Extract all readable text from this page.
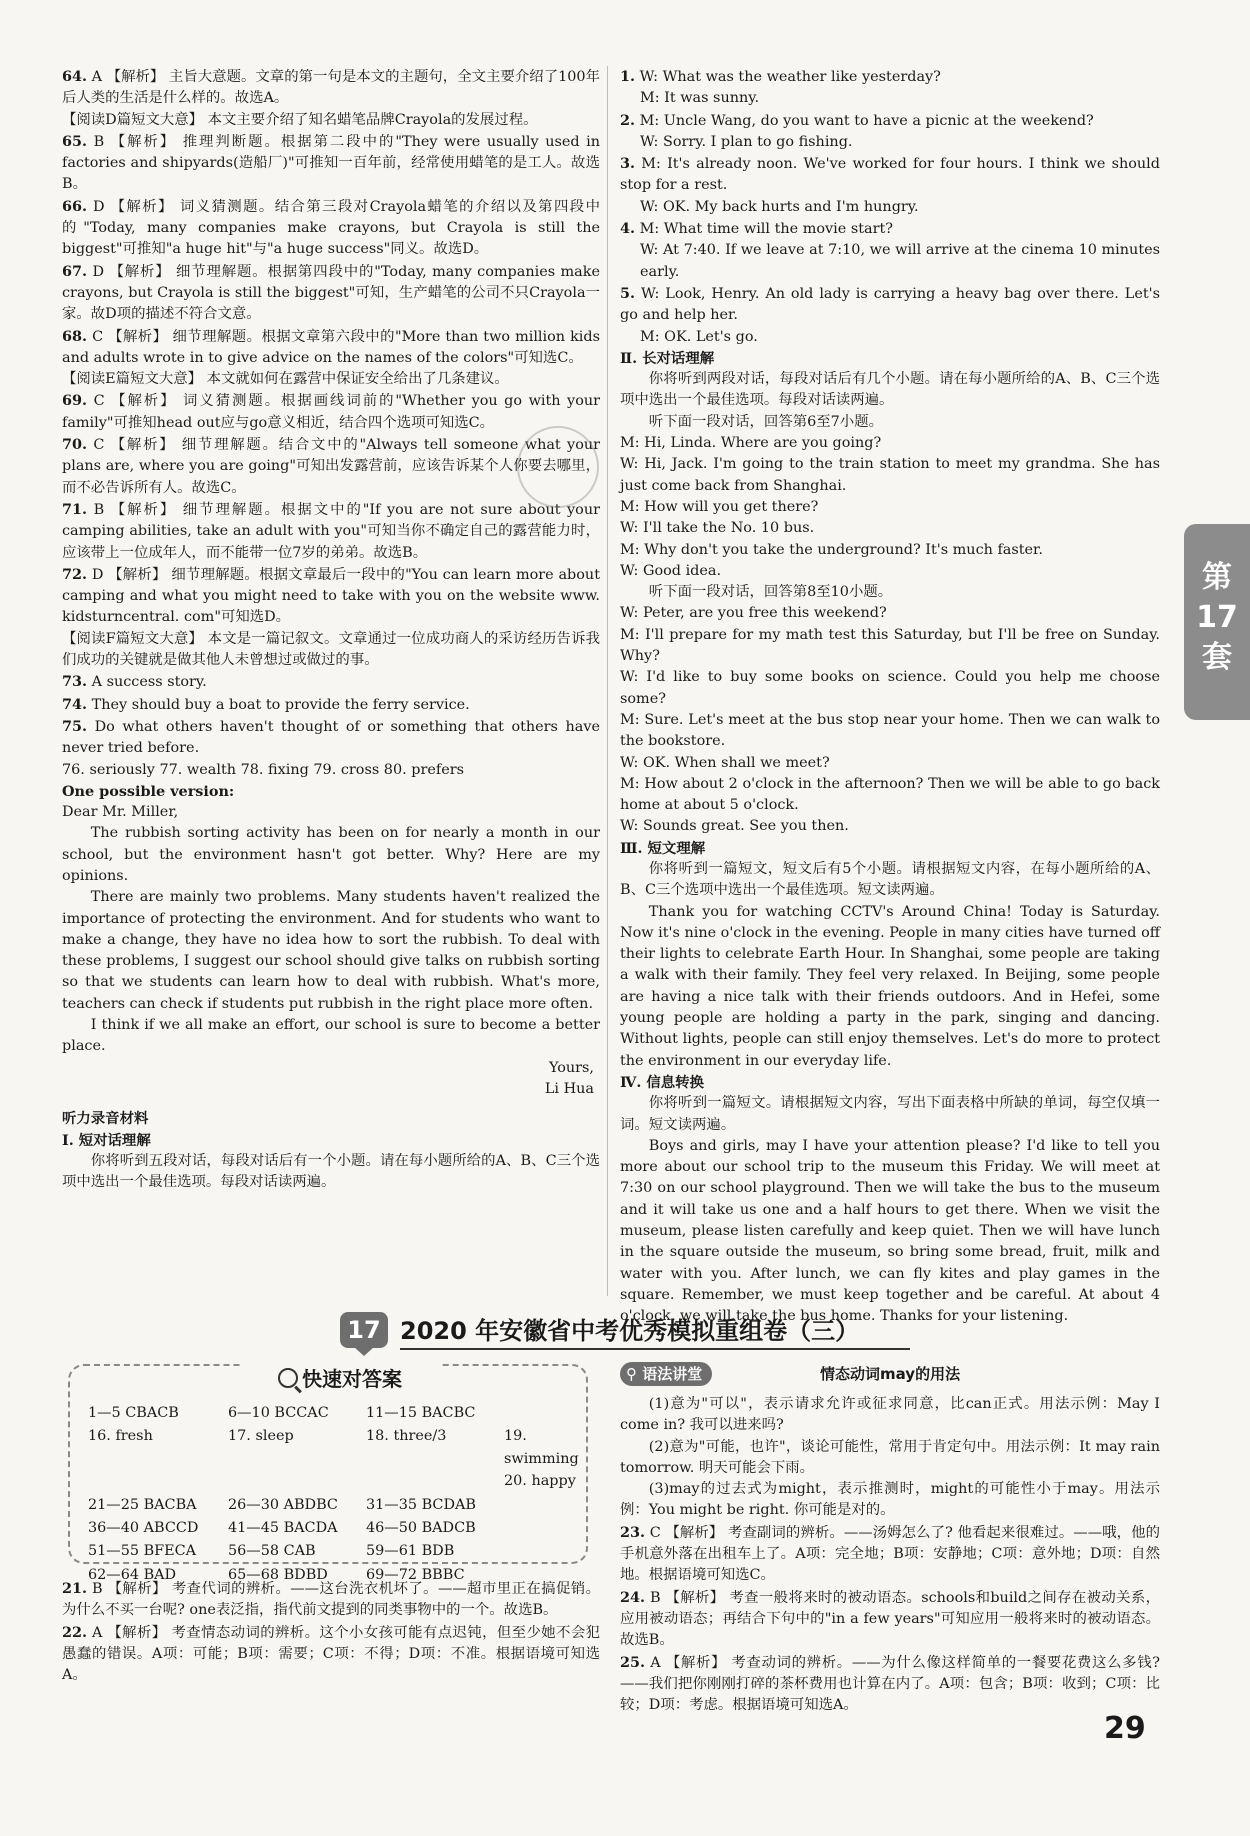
64. A 【解析】 主旨大意题。文章的第一句是本文的主题句，全文主要介绍了100年后人类的生活是什么样的。故选A。

【阅读D篇短文大意】 本文主要介绍了知名蜡笔品牌Crayola的发展过程。

65. B 【解析】 推理判断题。根据第二段中的"They were usually used in factories and shipyards(造船厂)"可推知一百年前，经常使用蜡笔的是工人。故选B。

66. D 【解析】 词义猜测题。结合第三段对Crayola蜡笔的介绍以及第四段中的"Today, many companies make crayons, but Crayola is still the biggest"可推知"a huge hit"与"a huge success"同义。故选D。

67. D 【解析】 细节理解题。根据第四段中的"Today, many companies make crayons, but Crayola is still the biggest"可知，生产蜡笔的公司不只Crayola一家。故D项的描述不符合文意。

68. C 【解析】 细节理解题。根据文章第六段中的"More than two million kids and adults wrote in to give advice on the names of the colors"可知选C。

【阅读E篇短文大意】 本文就如何在露营中保证安全给出了几条建议。

69. C 【解析】 词义猜测题。根据画线词前的"Whether you go with your family"可推知head out应与go意义相近，结合四个选项可知选C。

70. C 【解析】 细节理解题。结合文中的"Always tell someone what your plans are, where you are going"可知出发露营前，应该告诉某个人你要去哪里，而不必告诉所有人。故选C。

71. B 【解析】 细节理解题。根据文中的"If you are not sure about your camping abilities, take an adult with you"可知当你不确定自己的露营能力时，应该带上一位成年人，而不能带一位7岁的弟弟。故选B。

72. D 【解析】 细节理解题。根据文章最后一段中的"You can learn more about camping and what you might need to take with you on the website www. kidsturncentral. com"可知选D。

【阅读F篇短文大意】 本文是一篇记叙文。文章通过一位成功商人的采访经历告诉我们成功的关键就是做其他人未曾想过或做过的事。

73. A success story.

74. They should buy a boat to provide the ferry service.

75. Do what others haven't thought of or something that others have never tried before.

76. seriously 77. wealth 78. fixing 79. cross 80. prefers

One possible version:

Dear Mr. Miller,

The rubbish sorting activity has been on for nearly a month in our school, but the environment hasn't got better. Why? Here are my opinions.

There are mainly two problems. Many students haven't realized the importance of protecting the environment. And for students who want to make a change, they have no idea how to sort the rubbish. To deal with these problems, I suggest our school should give talks on rubbish sorting so that we students can learn how to deal with rubbish. What's more, teachers can check if students put rubbish in the right place more often.

I think if we all make an effort, our school is sure to become a better place.

Yours,

Li Hua

听力录音材料

Ⅰ. 短对话理解

你将听到五段对话，每段对话后有一个小题。请在每小题所给的A、B、C三个选项中选出一个最佳选项。每段对话读两遍。

1. W: What was the weather like yesterday?

M: It was sunny.

2. M: Uncle Wang, do you want to have a picnic at the weekend?

W: Sorry. I plan to go fishing.

3. M: It's already noon. We've worked for four hours. I think we should stop for a rest.

W: OK. My back hurts and I'm hungry.

4. M: What time will the movie start?

W: At 7:40. If we leave at 7:10, we will arrive at the cinema 10 minutes early.

5. W: Look, Henry. An old lady is carrying a heavy bag over there. Let's go and help her.

M: OK. Let's go.

Ⅱ. 长对话理解

你将听到两段对话，每段对话后有几个小题。请在每小题所给的A、B、C三个选项中选出一个最佳选项。每段对话读两遍。

听下面一段对话，回答第6至7小题。

M: Hi, Linda. Where are you going?

W: Hi, Jack. I'm going to the train station to meet my grandma. She has just come back from Shanghai.

M: How will you get there?

W: I'll take the No. 10 bus.

M: Why don't you take the underground? It's much faster.

W: Good idea.

听下面一段对话，回答第8至10小题。

W: Peter, are you free this weekend?

M: I'll prepare for my math test this Saturday, but I'll be free on Sunday. Why?

W: I'd like to buy some books on science. Could you help me choose some?

M: Sure. Let's meet at the bus stop near your home. Then we can walk to the bookstore.

W: OK. When shall we meet?

M: How about 2 o'clock in the afternoon? Then we will be able to go back home at about 5 o'clock.

W: Sounds great. See you then.

Ⅲ. 短文理解

你将听到一篇短文，短文后有5个小题。请根据短文内容，在每小题所给的A、B、C三个选项中选出一个最佳选项。短文读两遍。

Thank you for watching CCTV's Around China! Today is Saturday. Now it's nine o'clock in the evening. People in many cities have turned off their lights to celebrate Earth Hour. In Shanghai, some people are taking a walk with their family. They feel very relaxed. In Beijing, some people are having a nice talk with their friends outdoors. And in Hefei, some young people are holding a party in the park, singing and dancing. Without lights, people can still enjoy themselves. Let's do more to protect the environment in our everyday life.

Ⅳ. 信息转换

你将听到一篇短文。请根据短文内容，写出下面表格中所缺的单词，每空仅填一词。短文读两遍。

Boys and girls, may I have your attention please? I'd like to tell you more about our school trip to the museum this Friday. We will meet at 7:30 on our school playground. Then we will take the bus to the museum and it will take us one and a half hours to get there. When we visit the museum, please listen carefully and keep quiet. Then we will have lunch in the square outside the museum, so bring some bread, fruit, milk and water with you. After lunch, we can fly kites and play games in the square. Remember, we must keep together and be careful. At about 4 o'clock, we will take the bus home. Thanks for your listening.

第
17
套
17 2020 年安徽省中考优秀模拟重组卷（三）
快速对答案
1—5 CBACB	6—10 BCCAC	11—15 BACBC
16. fresh	17. sleep	18. three/3	19. swimming 20. happy
21—25 BACBA	26—30 ABDBC	31—35 BCDAB
36—40 ABCCD	41—45 BACDA	46—50 BADCB
51—55 BFECA	56—58 CAB	59—61 BDB
62—64 BAD	65—68 BDBD	69—72 BBBC

21. B 【解析】 考查代词的辨析。——这台洗衣机坏了。——超市里正在搞促销。为什么不买一台呢? one表泛指，指代前文提到的同类事物中的一个。故选B。

22. A 【解析】 考查情态动词的辨析。这个小女孩可能有点迟钝，但至少她不会犯愚蠢的错误。A项：可能；B项：需要；C项：不得；D项：不准。根据语境可知选A。

⚲ 语法讲堂	情态动词may的用法

(1)意为"可以"，表示请求允许或征求同意，比can正式。用法示例：May I come in? 我可以进来吗?

(2)意为"可能，也许"，谈论可能性，常用于肯定句中。用法示例：It may rain tomorrow. 明天可能会下雨。

(3)may的过去式为might，表示推测时，might的可能性小于may。用法示例：You might be right. 你可能是对的。

23. C 【解析】 考查副词的辨析。——汤姆怎么了? 他看起来很难过。——哦，他的手机意外落在出租车上了。A项：完全地；B项：安静地；C项：意外地；D项：自然地。根据语境可知选C。

24. B 【解析】 考查一般将来时的被动语态。schools和build之间存在被动关系，应用被动语态；再结合下句中的"in a few years"可知应用一般将来时的被动语态。故选B。

25. A 【解析】 考查动词的辨析。——为什么像这样简单的一餐要花费这么多钱? ——我们把你刚刚打碎的茶杯费用也计算在内了。A项：包含；B项：收到；C项：比较；D项：考虑。根据语境可知选A。

29
